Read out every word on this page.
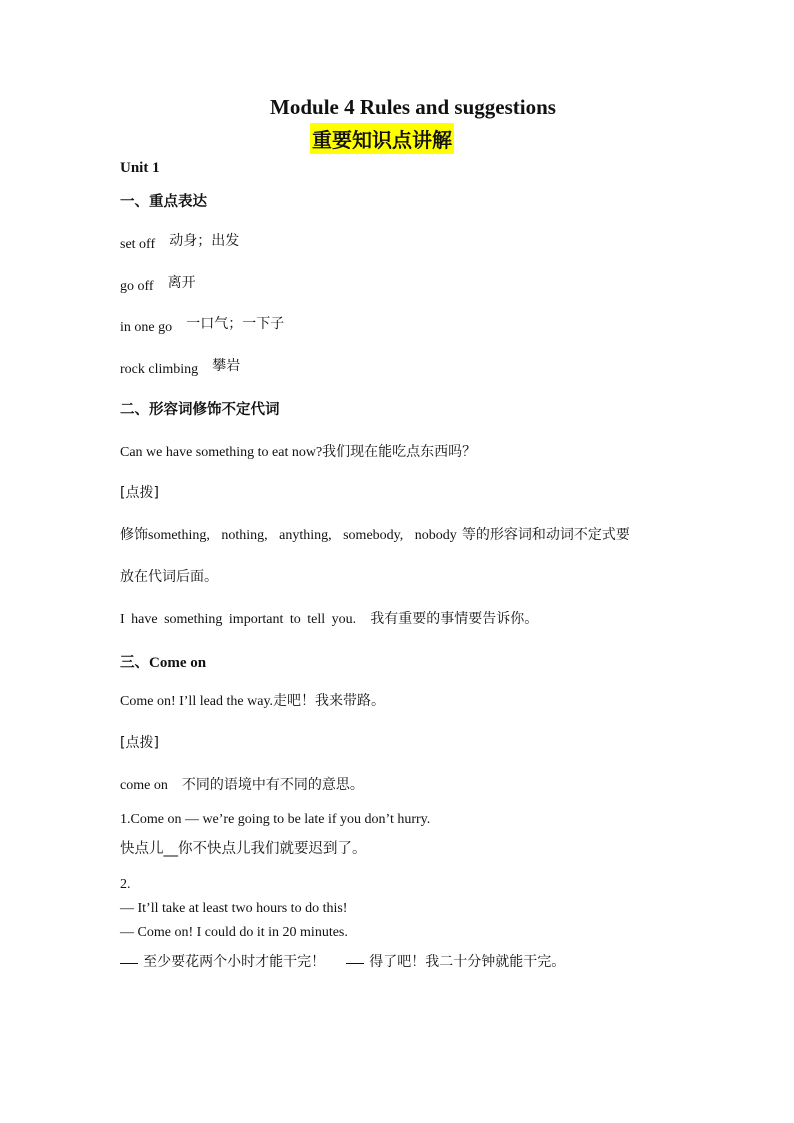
Module 4 Rules and suggestions
重要知识点讲解
Unit 1
一、重点表达
set off 动身；出发
go off 离开
in one go 一口气；一下子
rock climbing 攀岩
二、形容词修饰不定代词
Can we have something to eat now?我们现在能吃点东西吗？
[点拨]
修饰something, nothing, anything, somebody, nobody 等的形容词和动词不定式要
放在代词后面。
I have something important to tell you. 我有重要的事情要告诉你。
三、Come on
Come on! I’ll lead the way.走吧！我来带路。
[点拨]
come on 不同的语境中有不同的意思。
1.Come on — we’re going to be late if you don’t hurry.
快点儿__你不快点儿我们就要迟到了。
2.
— It’ll take at least two hours to do this!
— Come on! I could do it in 20 minutes.
至少要花两个小时才能干完！	得了吧！我二十分钟就能干完。
